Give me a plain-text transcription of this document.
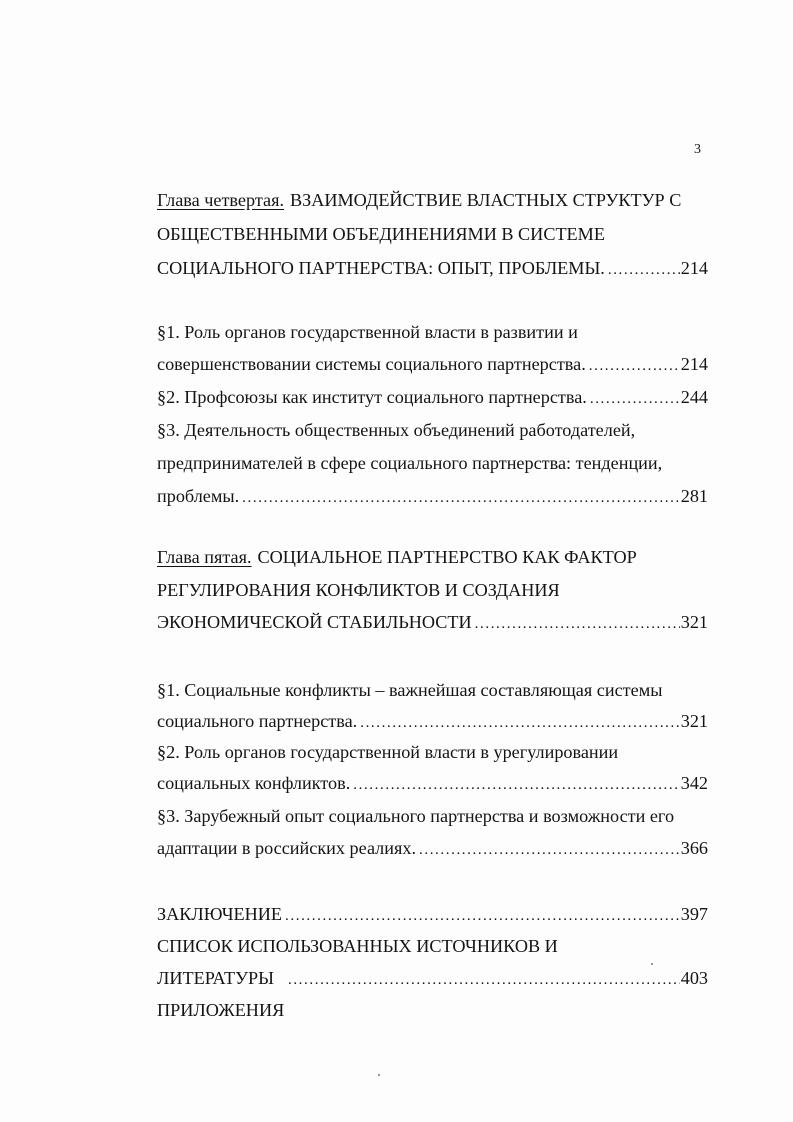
3
Глава четвертая. ВЗАИМОДЕЙСТВИЕ ВЛАСТНЫХ СТРУКТУР С
ОБЩЕСТВЕННЫМИ ОБЪЕДИНЕНИЯМИ В СИСТЕМЕ
СОЦИАЛЬНОГО ПАРТНЕРСТВА: ОПЫТ, ПРОБЛЕМЫ. .....	214
§1. Роль органов государственной власти в развитии и
совершенствовании системы социального партнерства. .....	214
§2. Профсоюзы как институт социального партнерства. .....	244
§3. Деятельность общественных объединений работодателей,
предпринимателей в сфере социального партнерства: тенденции,
проблемы. .....	281
Глава пятая. СОЦИАЛЬНОЕ ПАРТНЕРСТВО КАК ФАКТОР
РЕГУЛИРОВАНИЯ КОНФЛИКТОВ И СОЗДАНИЯ
ЭКОНОМИЧЕСКОЙ СТАБИЛЬНОСТИ .....	321
§1. Социальные конфликты – важнейшая составляющая системы
социального партнерства. .....	321
§2. Роль органов государственной власти в урегулировании
социальных конфликтов. .....	342
§3. Зарубежный опыт социального партнерства и возможности его
адаптации в российских реалиях. .....	366
ЗАКЛЮЧЕНИЕ .....	397
СПИСОК ИСПОЛЬЗОВАННЫХ ИСТОЧНИКОВ И
ЛИТЕРАТУРЫ .....	403
ПРИЛОЖЕНИЯ
